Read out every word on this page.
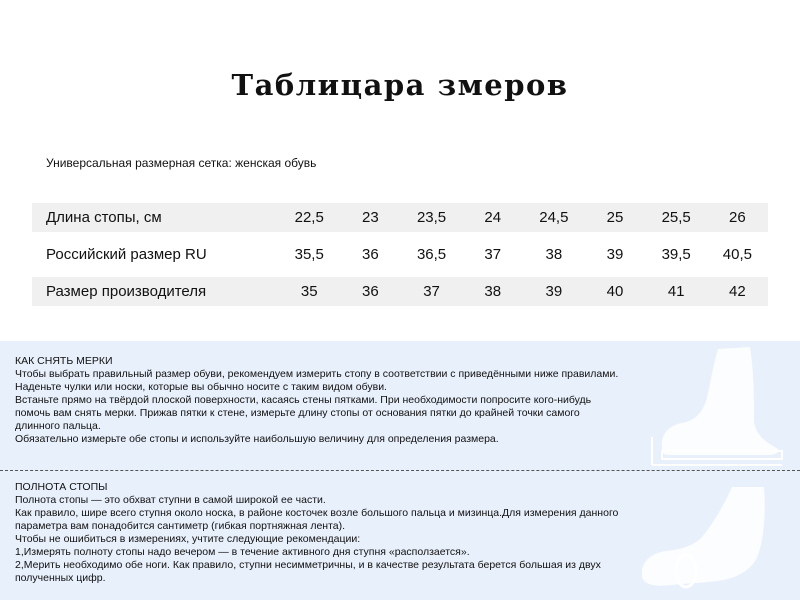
Таблицара змеров
Универсальная размерная сетка: женская обувь
Длина стопы, см	22,5	23	23,5	24	24,5	25	25,5	26

Российский размер RU	35,5	36	36,5	37	38	39	39,5	40,5

Размер производителя	35	36	37	38	39	40	41	42

КАК СНЯТЬ МЕРКИ

Чтобы выбрать правильный размер обуви, рекомендуем измерить стопу в соответствии с приведёнными ниже правилами.

Наденьте чулки или носки, которые вы обычно носите с таким видом обуви.

Встаньте прямо на твёрдой плоской поверхности, касаясь стены пятками. При необходимости попросите кого-нибудь помочь вам снять мерки. Прижав пятки к стене, измерьте длину стопы от основания пятки до крайней точки самого длинного пальца.

Обязательно измерьте обе стопы и используйте наибольшую величину для определения размера.

ПОЛНОТА СТОПЫ

Полнота стопы — это обхват ступни в самой широкой ее части.

Как правило, шире всего ступня около носка, в районе косточек возле большого пальца и мизинца.Для измерения данного параметра вам понадобится сантиметр (гибкая портняжная лента).

Чтобы не ошибиться в измерениях, учтите следующие рекомендации:

1,Измерять полноту стопы надо вечером — в течение активного дня ступня «расползается».

2,Мерить необходимо обе ноги. Как правило, ступни несимметричны, и в качестве результата берется большая из двух полученных цифр.
